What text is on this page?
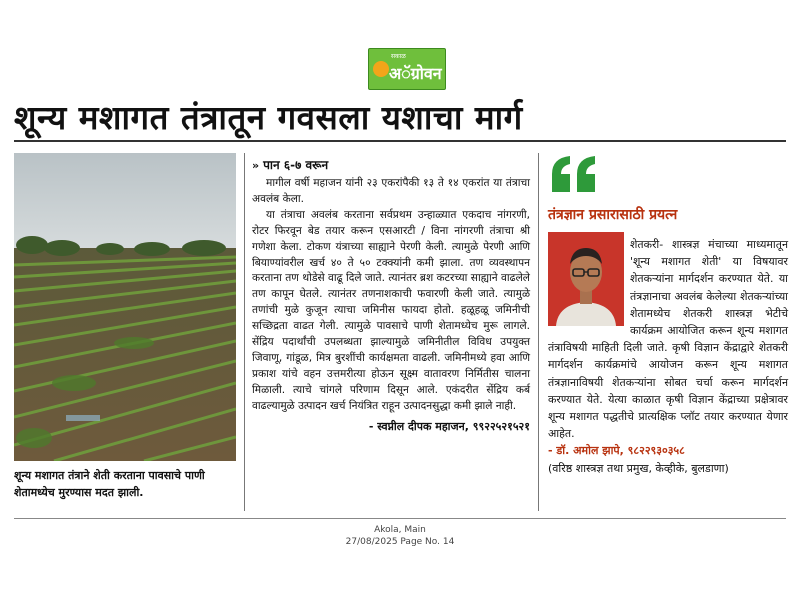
सकाळ
अॅग्रोवन
शून्य मशागत तंत्रातून गवसला यशाचा मार्ग
शून्य मशागत तंत्राने शेती करताना पावसाचे पाणी शेतामध्येच मुरण्यास मदत झाली.
» पान ६-७ वरून
मागील वर्षी महाजन यांनी २३ एकरांपैकी १३ ते १४ एकरांत या तंत्राचा अवलंब केला.
या तंत्राचा अवलंब करताना सर्वप्रथम उन्हाळ्यात एकदाच नांगरणी, रोटर फिरवून बेड तयार करून एसआरटी / विना नांगरणी तंत्राचा श्री गणेशा केला. टोकण यंत्राच्या साह्याने पेरणी केली. त्यामुळे पेरणी आणि बियाण्यांवरील खर्च ४० ते ५० टक्क्यांनी कमी झाला. तण व्यवस्थापन करताना तण थोडेसे वाढू दिले जाते. त्यानंतर ब्रश कटरच्या साह्याने वाढलेले तण कापून घेतले. त्यानंतर तणनाशकाची फवारणी केली जाते. त्यामुळे तणांची मुळे कुजून त्याचा जमिनीस फायदा होतो. हळूहळू जमिनीची सच्छिद्रता वाढत गेली. त्यामुळे पावसाचे पाणी शेतामध्येच मुरू लागले. सेंद्रिय पदार्थांची उपलब्धता झाल्यामुळे जमिनीतील विविध उपयुक्त जिवाणू, गांडूळ, मित्र बुरशींची कार्यक्षमता वाढली. जमिनीमध्ये हवा आणि प्रकाश यांचे वहन उत्तमरीत्या होऊन सूक्ष्म वातावरण निर्मितीस चालना मिळाली. त्याचे चांगले परिणाम दिसून आले. एकंदरीत सेंद्रिय कर्ब वाढल्यामुळे उत्पादन खर्च नियंत्रित राहून उत्पादनसुद्धा कमी झाले नाही.
- स्वप्नील दीपक महाजन, ९९२२५२१५२१
तंत्रज्ञान प्रसारासाठी प्रयत्न
शेतकरी- शास्त्रज्ञ मंचाच्या माध्यमातून 'शून्य मशागत शेती' या विषयावर शेतकऱ्यांना मार्गदर्शन करण्यात येते. या तंत्रज्ञानाचा अवलंब केलेल्या शेतकऱ्यांच्या शेतामध्येच शेतकरी शास्त्रज्ञ भेटीचे कार्यक्रम आयोजित करून शून्य मशागत तंत्राविषयी माहिती दिली जाते. कृषी विज्ञान केंद्राद्वारे शेतकरी मार्गदर्शन कार्यक्रमांचे आयोजन करून शून्य मशागत तंत्रज्ञानाविषयी शेतकऱ्यांना सोबत चर्चा करून मार्गदर्शन करण्यात येते. येत्या काळात कृषी विज्ञान केंद्राच्या प्रक्षेत्रावर शून्य मशागत पद्धतीचे प्रात्यक्षिक प्लॉट तयार करण्यात येणार आहेत.
- डॉ. अमोल झापे, ९८२२९३०३५८
(वरिष्ठ शास्त्रज्ञ तथा प्रमुख, केव्हीके, बुलडाणा)
Akola, Main
27/08/2025 Page No. 14
